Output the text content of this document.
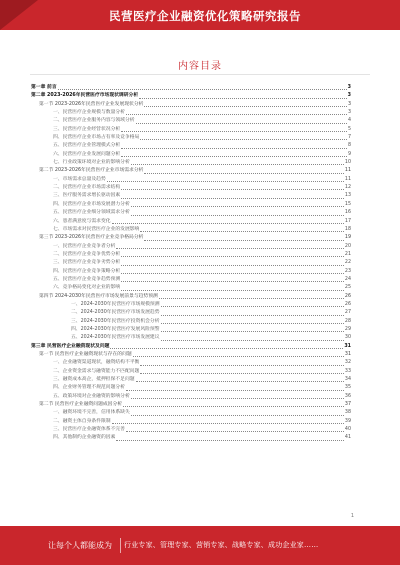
民营医疗企业融资优化策略研究报告
内容目录
第一章 前言	3
第二章 2023-2026年民营医疗市场现状调研分析	3
第一节 2023-2026年民营医疗企业发展现状分析	3
一、民营医疗企业规模与数量分析	3
二、民营医疗企业服务内容与领域分析	4
三、民营医疗企业经营状况分析	5
四、民营医疗企业市场占有率及竞争格局	7
五、民营医疗企业管理模式分析	8
六、民营医疗企业发展问题分析	9
七、行业政策环境对企业的影响分析	10
第二节 2023-2026年民营医疗企业市场需求分析	11
一、市场需求总量及趋势	11
二、民营医疗企业市场需求结构	12
三、医疗服务需求增长驱动因素	13
四、民营医疗企业市场发展潜力分析	15
五、民营医疗企业细分领域需求分析	16
六、患者满意度与需求变化	17
七、市场需求对民营医疗企业的发展影响	18
第三节 2023-2026年民营医疗企业竞争格局分析	19
一、民营医疗企业竞争者分析	20
二、民营医疗企业竞争优势分析	21
三、民营医疗企业竞争劣势分析	22
四、民营医疗企业竞争策略分析	23
五、民营医疗企业竞争趋势预测	24
六、竞争格局变化对企业的影响	25
第四节 2024-2030年民营医疗市场发展前景与趋势预测	26
一、2024-2030年民营医疗市场规模预测	26
二、2024-2030年民营医疗市场发展趋势	27
三、2024-2030年民营医疗投资机会分析	28
四、2024-2030年民营医疗发展风险预警	29
五、2024-2030年民营医疗市场发展建议	30
第三章 民营医疗企业融资现状及问题	31
第一节 民营医疗企业融资现状与存在的问题	31
一、企业融资渠道现状，融资结构不平衡	32
二、企业资金需求与融资能力不匹配问题	33
三、融资成本高企，抵押担保不足问题	34
四、企业财务管理不规范问题分析	35
五、政策环境对企业融资的影响分析	36
第二节 民营医疗企业融资问题成因分析	37
一、融资环境不完善，信用体系缺失	38
二、融资主体自身条件限制	39
三、民营医疗企业融资体系不完善	40
四、其他制约企业融资的因素	41
1
让每个人都能成为 行业专家、管理专家、营销专家、战略专家、成功企业家……
